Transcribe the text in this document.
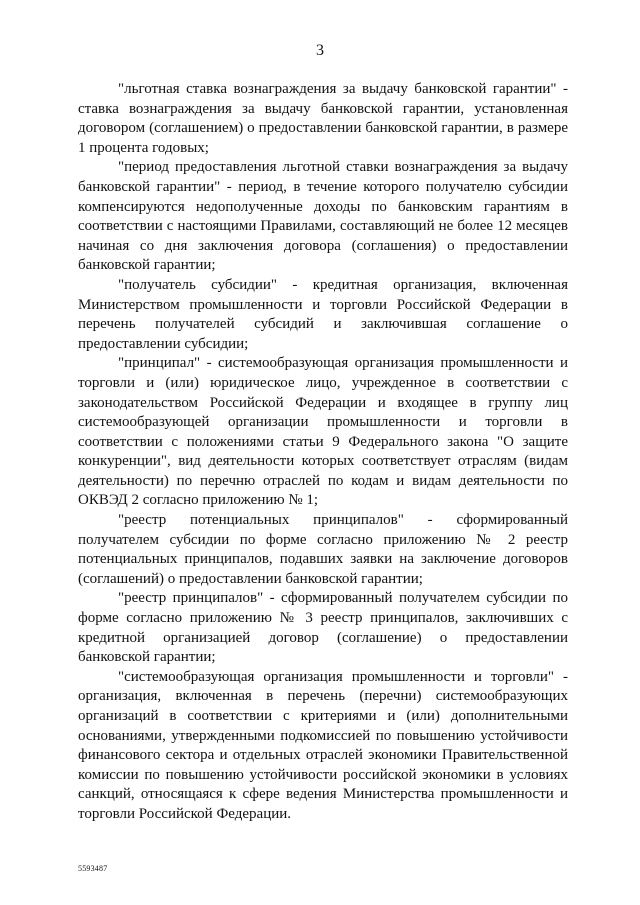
3

"льготная ставка вознаграждения за выдачу банковской гарантии" - ставка вознаграждения за выдачу банковской гарантии, установленная договором (соглашением) о предоставлении банковской гарантии, в размере 1 процента годовых;

"период предоставления льготной ставки вознаграждения за выдачу банковской гарантии" - период, в течение которого получателю субсидии компенсируются недополученные доходы по банковским гарантиям в соответствии с настоящими Правилами, составляющий не более 12 месяцев начиная со дня заключения договора (соглашения) о предоставлении банковской гарантии;

"получатель субсидии" - кредитная организация, включенная Министерством промышленности и торговли Российской Федерации в перечень получателей субсидий и заключившая соглашение о предоставлении субсидии;

"принципал" - системообразующая организация промышленности и торговли и (или) юридическое лицо, учрежденное в соответствии с законодательством Российской Федерации и входящее в группу лиц системообразующей организации промышленности и торговли в соответствии с положениями статьи 9 Федерального закона "О защите конкуренции", вид деятельности которых соответствует отраслям (видам деятельности) по перечню отраслей по кодам и видам деятельности по ОКВЭД 2 согласно приложению № 1;

"реестр потенциальных принципалов" - сформированный получателем субсидии по форме согласно приложению № 2 реестр потенциальных принципалов, подавших заявки на заключение договоров (соглашений) о предоставлении банковской гарантии;

"реестр принципалов" - сформированный получателем субсидии по форме согласно приложению № 3 реестр принципалов, заключивших с кредитной организацией договор (соглашение) о предоставлении банковской гарантии;

"системообразующая организация промышленности и торговли" - организация, включенная в перечень (перечни) системообразующих организаций в соответствии с критериями и (или) дополнительными основаниями, утвержденными подкомиссией по повышению устойчивости финансового сектора и отдельных отраслей экономики Правительственной комиссии по повышению устойчивости российской экономики в условиях санкций, относящаяся к сфере ведения Министерства промышленности и торговли Российской Федерации.

5593487
